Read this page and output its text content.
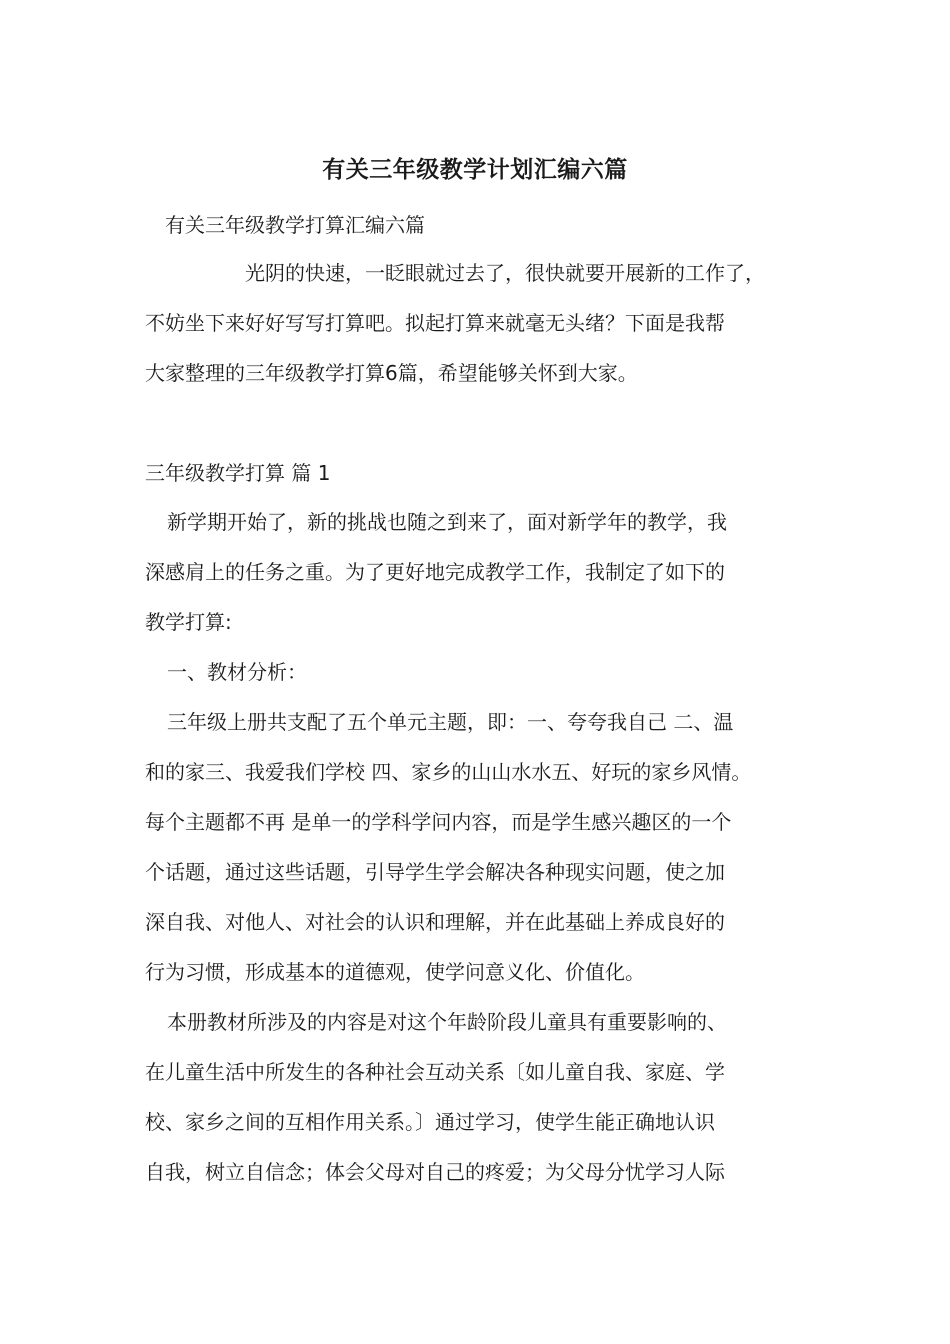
有关三年级教学计划汇编六篇
有关三年级教学打算汇编六篇
光阴的快速，一眨眼就过去了，很快就要开展新的工作了，
不妨坐下来好好写写打算吧。拟起打算来就毫无头绪？下面是我帮
大家整理的三年级教学打算6篇，希望能够关怀到大家。
三年级教学打算 篇 1
新学期开始了，新的挑战也随之到来了，面对新学年的教学，我
深感肩上的任务之重。为了更好地完成教学工作，我制定了如下的
教学打算:
一、教材分析：
三年级上册共支配了五个单元主题，即：一、夸夸我自己 二、温
和的家三、我爱我们学校 四、家乡的山山水水五、好玩的家乡风情。
每个主题都不再 是单一的学科学问内容，而是学生感兴趣区的一个
个话题，通过这些话题，引导学生学会解决各种现实问题，使之加
深自我、对他人、对社会的认识和理解，并在此基础上养成良好的
行为习惯，形成基本的道德观，使学问意义化、价值化。
本册教材所涉及的内容是对这个年龄阶段儿童具有重要影响的、
在儿童生活中所发生的各种社会互动关系〔如儿童自我、家庭、学
校、家乡之间的互相作用关系。〕通过学习，使学生能正确地认识
自我，树立自信念；体会父母对自己的疼爱；为父母分忧学习人际
